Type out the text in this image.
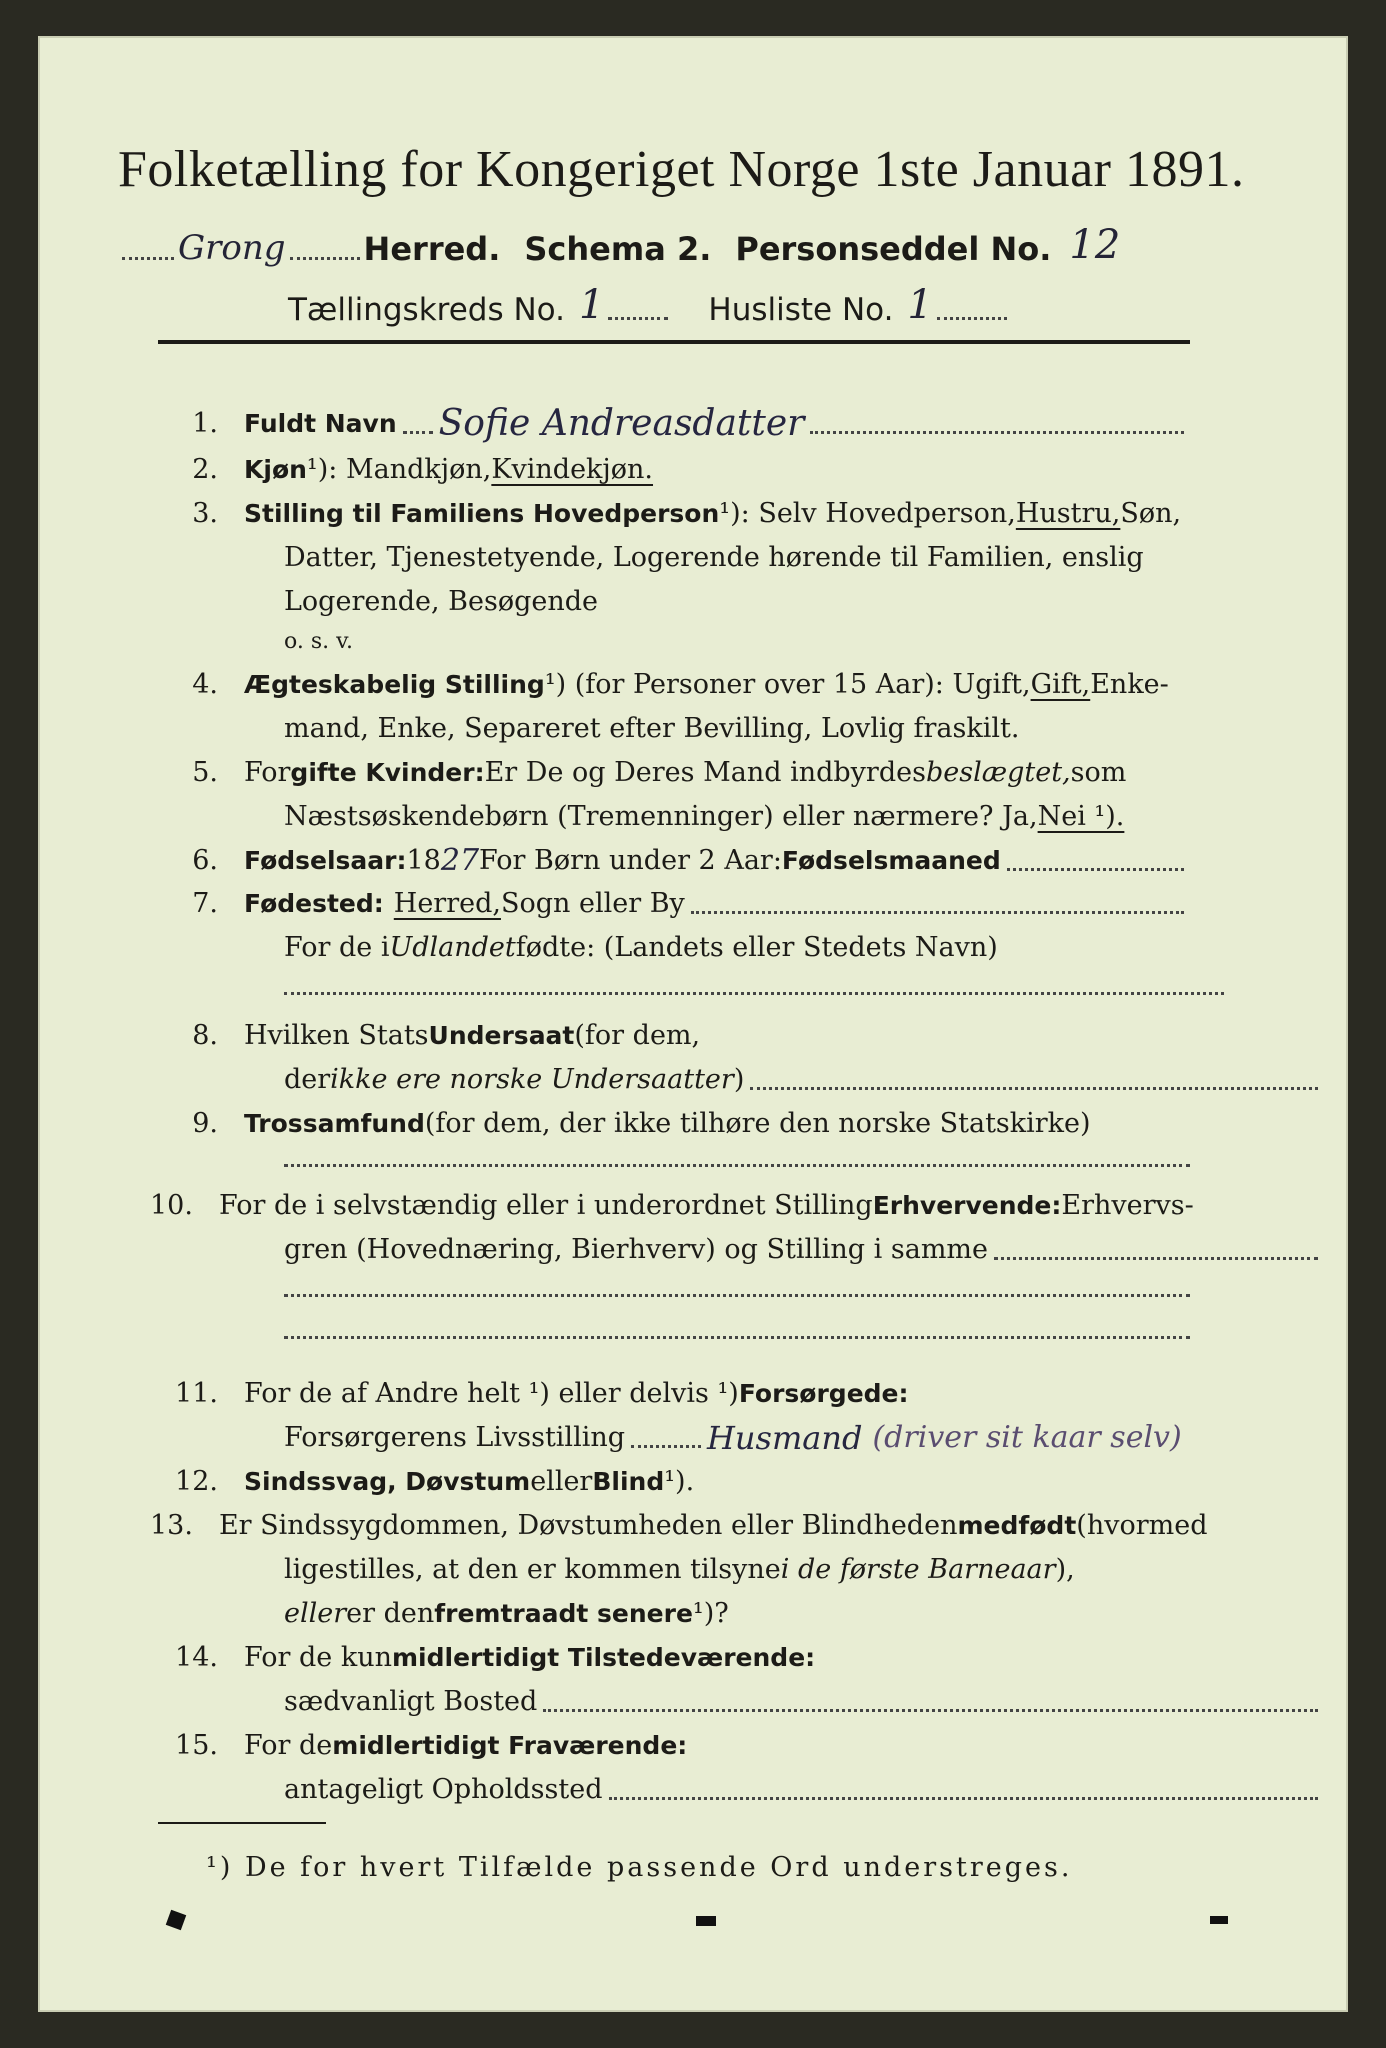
Folketælling for Kongeriget Norge 1ste Januar 1891.
Grong Herred. Schema 2. Personseddel No. 12
Tællingskreds No. 1	Husliste No. 1
1. Fuldt Navn Sofie Andreasdatter
2. Kjøn ¹): Mandkjøn, Kvindekjøn.
3. Stilling til Familiens Hovedperson ¹): Selv Hovedperson, Hustru, Søn,
Datter, Tjenestetyende, Logerende hørende til Familien, enslig
Logerende, Besøgende
o. s. v.
4. Ægteskabelig Stilling ¹) (for Personer over 15 Aar): Ugift, Gift, Enke-
mand, Enke, Separeret efter Bevilling, Lovlig fraskilt.
5. For gifte Kvinder: Er De og Deres Mand indbyrdes beslægtet, som
Næstsøskendebørn (Tremenninger) eller nærmere? Ja, Nei ¹).
6. Fødselsaar: 18 27 For Børn under 2 Aar: Fødselsmaaned
7. Fødested: Herred, Sogn eller By
For de i Udlandet fødte: (Landets eller Stedets Navn)
8. Hvilken Stats Undersaat (for dem,
der ikke ere norske Undersaatter )
9. Trossamfund (for dem, der ikke tilhøre den norske Statskirke)
10. For de i selvstændig eller i underordnet Stilling Erhvervende: Erhvervs-
gren (Hovednæring, Bierhverv) og Stilling i samme
11. For de af Andre helt ¹) eller delvis ¹) Forsørgede:
Forsørgerens Livsstilling	Husmand (driver sit kaar selv)
12. Sindssvag, Døvstum eller Blind ¹).
13. Er Sindssygdommen, Døvstumheden eller Blindheden medfødt (hvormed
ligestilles, at den er kommen tilsyne i de første Barneaar ),
eller er den fremtraadt senere ¹)?
14. For de kun midlertidigt Tilstedeværende:
sædvanligt Bosted
15. For de midlertidigt Fraværende:
antageligt Opholdssted
¹) De for hvert Tilfælde passende Ord understreges.
